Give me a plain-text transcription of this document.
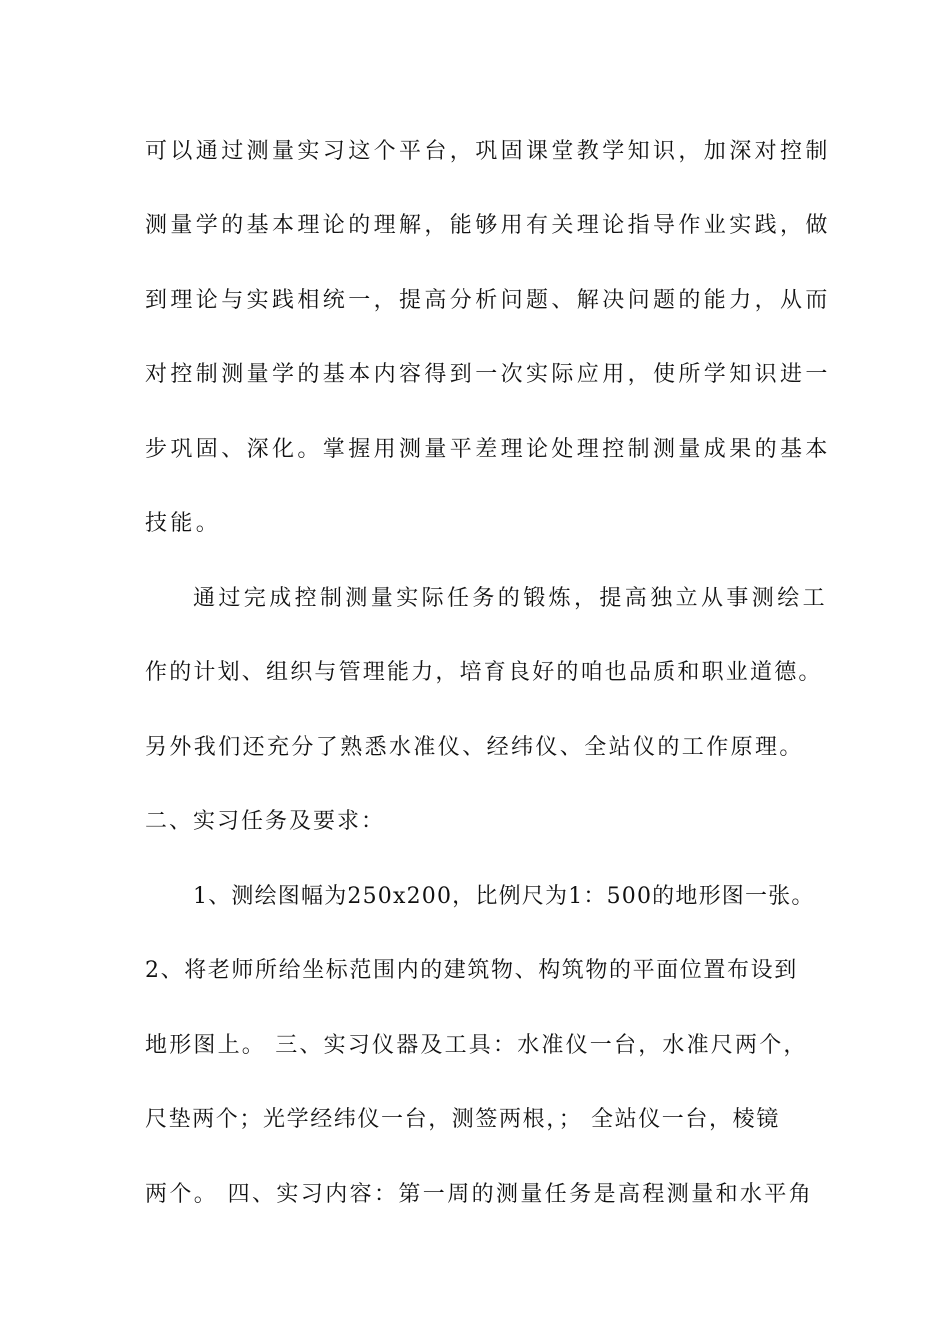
可以通过测量实习这个平台，巩固课堂教学知识，加深对控制
测量学的基本理论的理解，能够用有关理论指导作业实践，做
到理论与实践相统一，提高分析问题、解决问题的能力，从而
对控制测量学的基本内容得到一次实际应用，使所学知识进一
步巩固、深化。掌握用测量平差理论处理控制测量成果的基本
技能。
通过完成控制测量实际任务的锻炼，提高独立从事测绘工
作的计划、组织与管理能力，培育良好的咱也品质和职业道德。
另外我们还充分了熟悉水准仪、经纬仪、全站仪的工作原理。
二、实习任务及要求：
1、测绘图幅为250x200，比例尺为1：500的地形图一张。
2、将老师所给坐标范围内的建筑物、构筑物的平面位置布设到
地形图上。 三、实习仪器及工具：水准仪一台，水准尺两个，
尺垫两个；光学经纬仪一台，测签两根，； 全站仪一台，棱镜
两个。 四、实习内容：第一周的测量任务是高程测量和水平角
